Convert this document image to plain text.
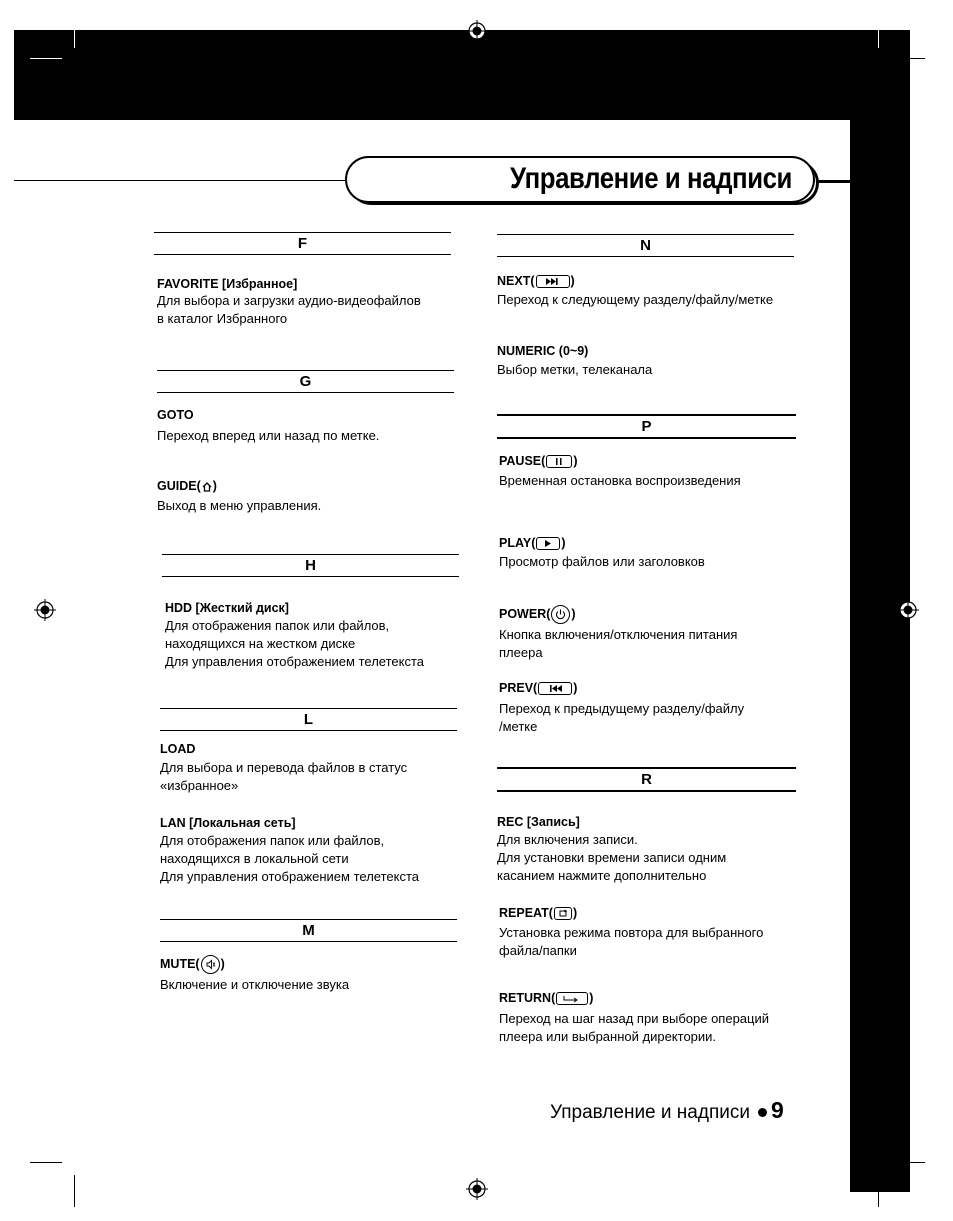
Управление и надписи
F
FAVORITE [Избранное]
Для выбора и загрузки аудио-видеофайлов
в каталог Избранного
G
GOTO
Переход вперед или назад по метке.
GUIDE( )
Выход в меню управления.
H
HDD [Жесткий диск]
Для отображения папок или файлов,
находящихся на жестком диске
Для управления отображением телетекста
L
LOAD
Для выбора и перевода файлов в статус
«избранное»
LAN [Локальная сеть]
Для отображения папок или файлов,
находящихся в локальной сети
Для управления отображением телетекста
M
MUTE( )
Включение и отключение звука
N
NEXT(	)
Переход к следующему разделу/файлу/метке
NUMERIC (0~9)
Выбор метки, телеканала
P
PAUSE( )
Временная остановка воспроизведения
PLAY( )
Просмотр файлов или заголовков
POWER( )
Кнопка включения/отключения питания
плеера
PREV(	)
Переход к предыдущему разделу/файлу
/метке
R
REC [Запись]
Для включения записи.
Для установки времени записи одним
касанием нажмите дополнительно
REPEAT( )
Установка режима повтора для выбранного
файла/папки
RETURN(	)
Переход на шаг назад при выборе операций
плеера или выбранной директории.
Управление и надписи 9
